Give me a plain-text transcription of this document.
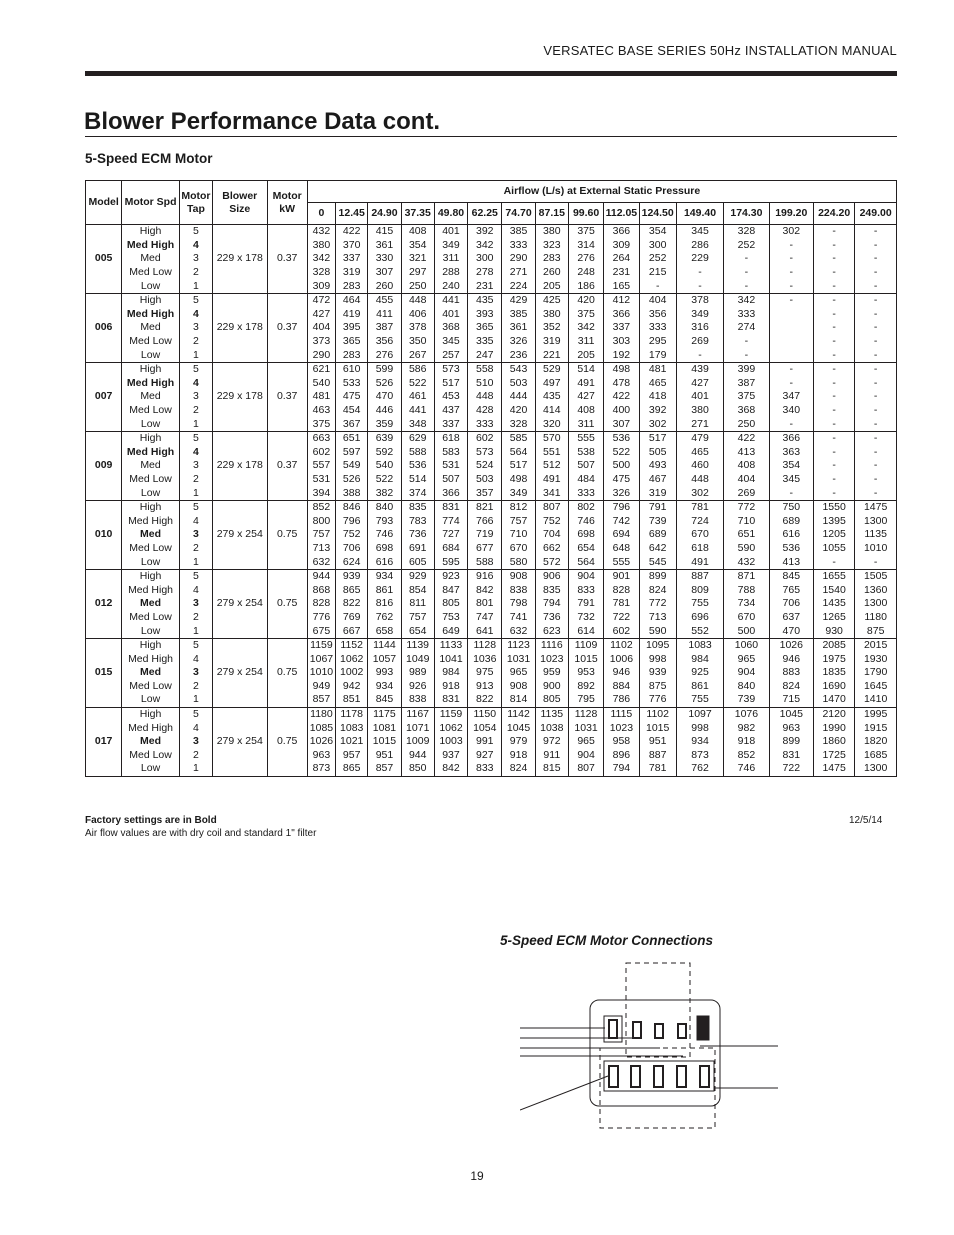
VERSATEC BASE SERIES 50Hz INSTALLATION MANUAL
Blower Performance Data cont.
5-Speed ECM Motor
Model	Motor Spd	Motor Tap	Blower Size	Motor kW	Airflow (L/s) at External Static Pressure															
					0	12.45	24.90	37.35	49.80	62.25	74.70	87.15	99.60	112.05	124.50	149.40	174.30	199.20	224.20	249.00
005	High	5	229 x 178	0.37	432	422	415	408	401	392	385	380	375	366	354	345	328	302	-	-
	Med High	4			380	370	361	354	349	342	333	323	314	309	300	286	252	-	-	-
	Med	3			342	337	330	321	311	300	290	283	276	264	252	229	-	-	-	-
	Med Low	2			328	319	307	297	288	278	271	260	248	231	215	-	-	-	-	-
	Low	1			309	283	260	250	240	231	224	205	186	165	-	-	-	-	-	-
006	High	5	229 x 178	0.37	472	464	455	448	441	435	429	425	420	412	404	378	342	-	-	-
	Med High	4			427	419	411	406	401	393	385	380	375	366	356	349	333		-	-
	Med	3			404	395	387	378	368	365	361	352	342	337	333	316	274		-	-
	Med Low	2			373	365	356	350	345	335	326	319	311	303	295	269	-		-	-
	Low	1			290	283	276	267	257	247	236	221	205	192	179	-	-		-	-
007	High	5	229 x 178	0.37	621	610	599	586	573	558	543	529	514	498	481	439	399	-	-	-
	Med High	4			540	533	526	522	517	510	503	497	491	478	465	427	387	-	-	-
	Med	3			481	475	470	461	453	448	444	435	427	422	418	401	375	347	-	-
	Med Low	2			463	454	446	441	437	428	420	414	408	400	392	380	368	340	-	-
	Low	1			375	367	359	348	337	333	328	320	311	307	302	271	250	-	-	-
009	High	5	229 x 178	0.37	663	651	639	629	618	602	585	570	555	536	517	479	422	366	-	-
	Med High	4			602	597	592	588	583	573	564	551	538	522	505	465	413	363	-	-
	Med	3			557	549	540	536	531	524	517	512	507	500	493	460	408	354	-	-
	Med Low	2			531	526	522	514	507	503	498	491	484	475	467	448	404	345	-	-
	Low	1			394	388	382	374	366	357	349	341	333	326	319	302	269	-	-	-
010	High	5	279 x 254	0.75	852	846	840	835	831	821	812	807	802	796	791	781	772	750	1550	1475
	Med High	4			800	796	793	783	774	766	757	752	746	742	739	724	710	689	1395	1300
	Med	3			757	752	746	736	727	719	710	704	698	694	689	670	651	616	1205	1135
	Med Low	2			713	706	698	691	684	677	670	662	654	648	642	618	590	536	1055	1010
	Low	1			632	624	616	605	595	588	580	572	564	555	545	491	432	413	-	-
012	High	5	279 x 254	0.75	944	939	934	929	923	916	908	906	904	901	899	887	871	845	1655	1505
	Med High	4			868	865	861	854	847	842	838	835	833	828	824	809	788	765	1540	1360
	Med	3			828	822	816	811	805	801	798	794	791	781	772	755	734	706	1435	1300
	Med Low	2			776	769	762	757	753	747	741	736	732	722	713	696	670	637	1265	1180
	Low	1			675	667	658	654	649	641	632	623	614	602	590	552	500	470	930	875
015	High	5	279 x 254	0.75	1159	1152	1144	1139	1133	1128	1123	1116	1109	1102	1095	1083	1060	1026	2085	2015
	Med High	4			1067	1062	1057	1049	1041	1036	1031	1023	1015	1006	998	984	965	946	1975	1930
	Med	3			1010	1002	993	989	984	975	965	959	953	946	939	925	904	883	1835	1790
	Med Low	2			949	942	934	926	918	913	908	900	892	884	875	861	840	824	1690	1645
	Low	1			857	851	845	838	831	822	814	805	795	786	776	755	739	715	1470	1410
017	High	5	279 x 254	0.75	1180	1178	1175	1167	1159	1150	1142	1135	1128	1115	1102	1097	1076	1045	2120	1995
	Med High	4			1085	1083	1081	1071	1062	1054	1045	1038	1031	1023	1015	998	982	963	1990	1915
	Med	3			1026	1021	1015	1009	1003	991	979	972	965	958	951	934	918	899	1860	1820
	Med Low	2			963	957	951	944	937	927	918	911	904	896	887	873	852	831	1725	1685
	Low	1			873	865	857	850	842	833	824	815	807	794	781	762	746	722	1475	1300
Factory settings are in Bold
Air flow values are with dry coil and standard 1" filter
12/5/14
5-Speed ECM Motor Connections
19
